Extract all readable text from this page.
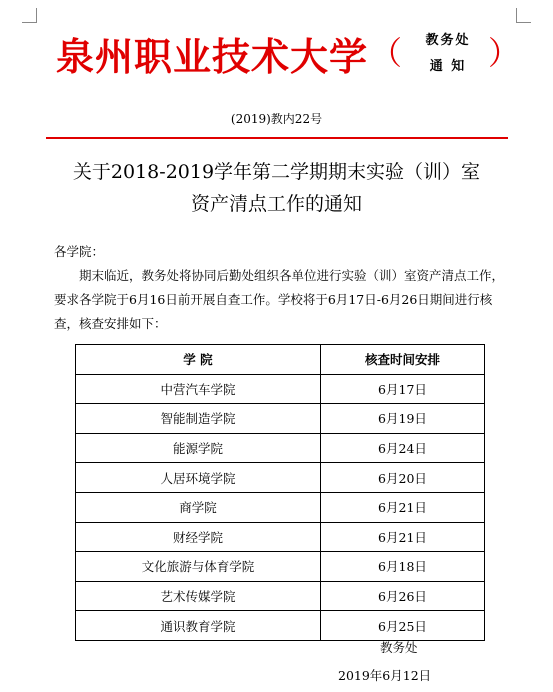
泉州职业技术大学 （	教务处
通 知 ）
(2019)教内22号
关于2018-2019学年第二学期期末实验（训）室
资产清点工作的通知

各学院：

期末临近，教务处将协同后勤处组织各单位进行实验（训）室资产清点工作，要求各学院于6月16日前开展自查工作。学校将于6月17日-6月26日期间进行核查，核查安排如下：

学 院	核查时间安排
中营汽车学院	6月17日
智能制造学院	6月19日
能源学院	6月24日
人居环境学院	6月20日
商学院	6月21日
财经学院	6月21日
文化旅游与体育学院	6月18日
艺术传媒学院	6月26日
通识教育学院	6月25日
教务处
2019年6月12日
